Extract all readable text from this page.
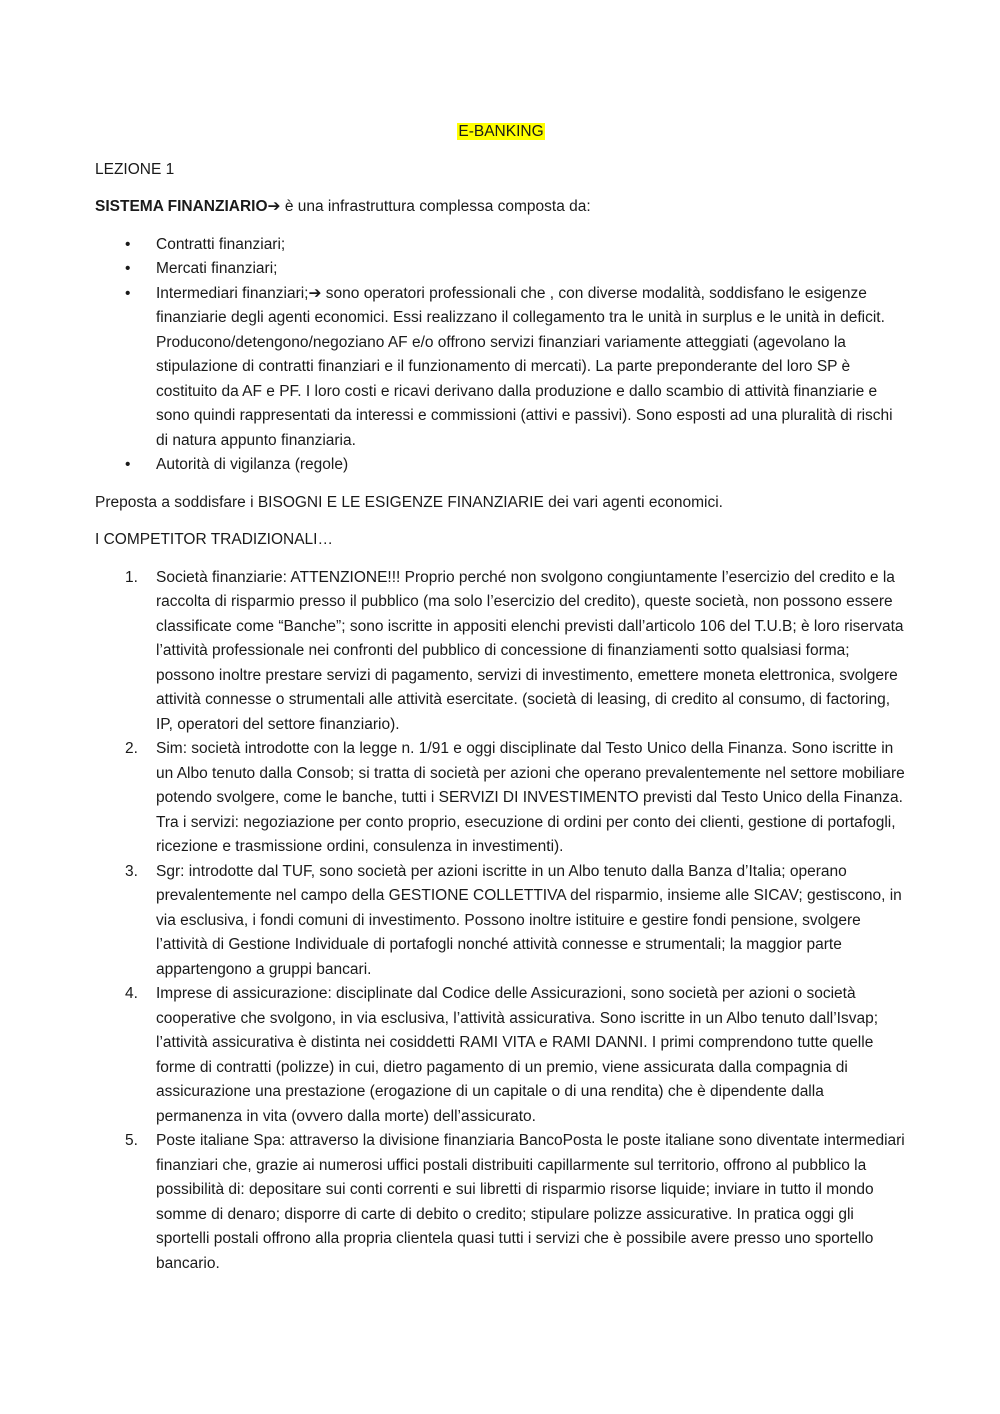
E-BANKING

LEZIONE 1

SISTEMA FINANZIARIO➔ è una infrastruttura complessa composta da:

• Contratti finanziari;
• Mercati finanziari;
• Intermediari finanziari;➔ sono operatori professionali che , con diverse modalità, soddisfano le esigenze finanziarie degli agenti economici. Essi realizzano il collegamento tra le unità in surplus e le unità in deficit. Producono/detengono/negoziano AF e/o offrono servizi finanziari variamente atteggiati (agevolano la stipulazione di contratti finanziari e il funzionamento di mercati). La parte preponderante del loro SP è costituito da AF e PF. I loro costi e ricavi derivano dalla produzione e dallo scambio di attività finanziarie e sono quindi rappresentati da interessi e commissioni (attivi e passivi). Sono esposti ad una pluralità di rischi di natura appunto finanziaria.
• Autorità di vigilanza (regole)

Preposta a soddisfare i BISOGNI E LE ESIGENZE FINANZIARIE dei vari agenti economici.

I COMPETITOR TRADIZIONALI…

1. Società finanziarie: ATTENZIONE!!! Proprio perché non svolgono congiuntamente l’esercizio del credito e la raccolta di risparmio presso il pubblico (ma solo l’esercizio del credito), queste società, non possono essere classificate come “Banche”; sono iscritte in appositi elenchi previsti dall’articolo 106 del T.U.B; è loro riservata l’attività professionale nei confronti del pubblico di concessione di finanziamenti sotto qualsiasi forma; possono inoltre prestare servizi di pagamento, servizi di investimento, emettere moneta elettronica, svolgere attività connesse o strumentali alle attività esercitate. (società di leasing, di credito al consumo, di factoring, IP, operatori del settore finanziario).
2. Sim: società introdotte con la legge n. 1/91 e oggi disciplinate dal Testo Unico della Finanza. Sono iscritte in un Albo tenuto dalla Consob; si tratta di società per azioni che operano prevalentemente nel settore mobiliare potendo svolgere, come le banche, tutti i SERVIZI DI INVESTIMENTO previsti dal Testo Unico della Finanza. Tra i servizi: negoziazione per conto proprio, esecuzione di ordini per conto dei clienti, gestione di portafogli, ricezione e trasmissione ordini, consulenza in investimenti).
3. Sgr: introdotte dal TUF, sono società per azioni iscritte in un Albo tenuto dalla Banza d’Italia; operano prevalentemente nel campo della GESTIONE COLLETTIVA del risparmio, insieme alle SICAV; gestiscono, in via esclusiva, i fondi comuni di investimento. Possono inoltre istituire e gestire fondi pensione, svolgere l’attività di Gestione Individuale di portafogli nonché attività connesse e strumentali; la maggior parte appartengono a gruppi bancari.
4. Imprese di assicurazione: disciplinate dal Codice delle Assicurazioni, sono società per azioni o società cooperative che svolgono, in via esclusiva, l’attività assicurativa. Sono iscritte in un Albo tenuto dall’Isvap; l’attività assicurativa è distinta nei cosiddetti RAMI VITA e RAMI DANNI. I primi comprendono tutte quelle forme di contratti (polizze) in cui, dietro pagamento di un premio, viene assicurata dalla compagnia di assicurazione una prestazione (erogazione di un capitale o di una rendita) che è dipendente dalla permanenza in vita (ovvero dalla morte) dell’assicurato.
5. Poste italiane Spa: attraverso la divisione finanziaria BancoPosta le poste italiane sono diventate intermediari finanziari che, grazie ai numerosi uffici postali distribuiti capillarmente sul territorio, offrono al pubblico la possibilità di: depositare sui conti correnti e sui libretti di risparmio risorse liquide; inviare in tutto il mondo somme di denaro; disporre di carte di debito o credito; stipulare polizze assicurative. In pratica oggi gli sportelli postali offrono alla propria clientela quasi tutti i servizi che è possibile avere presso uno sportello bancario.
